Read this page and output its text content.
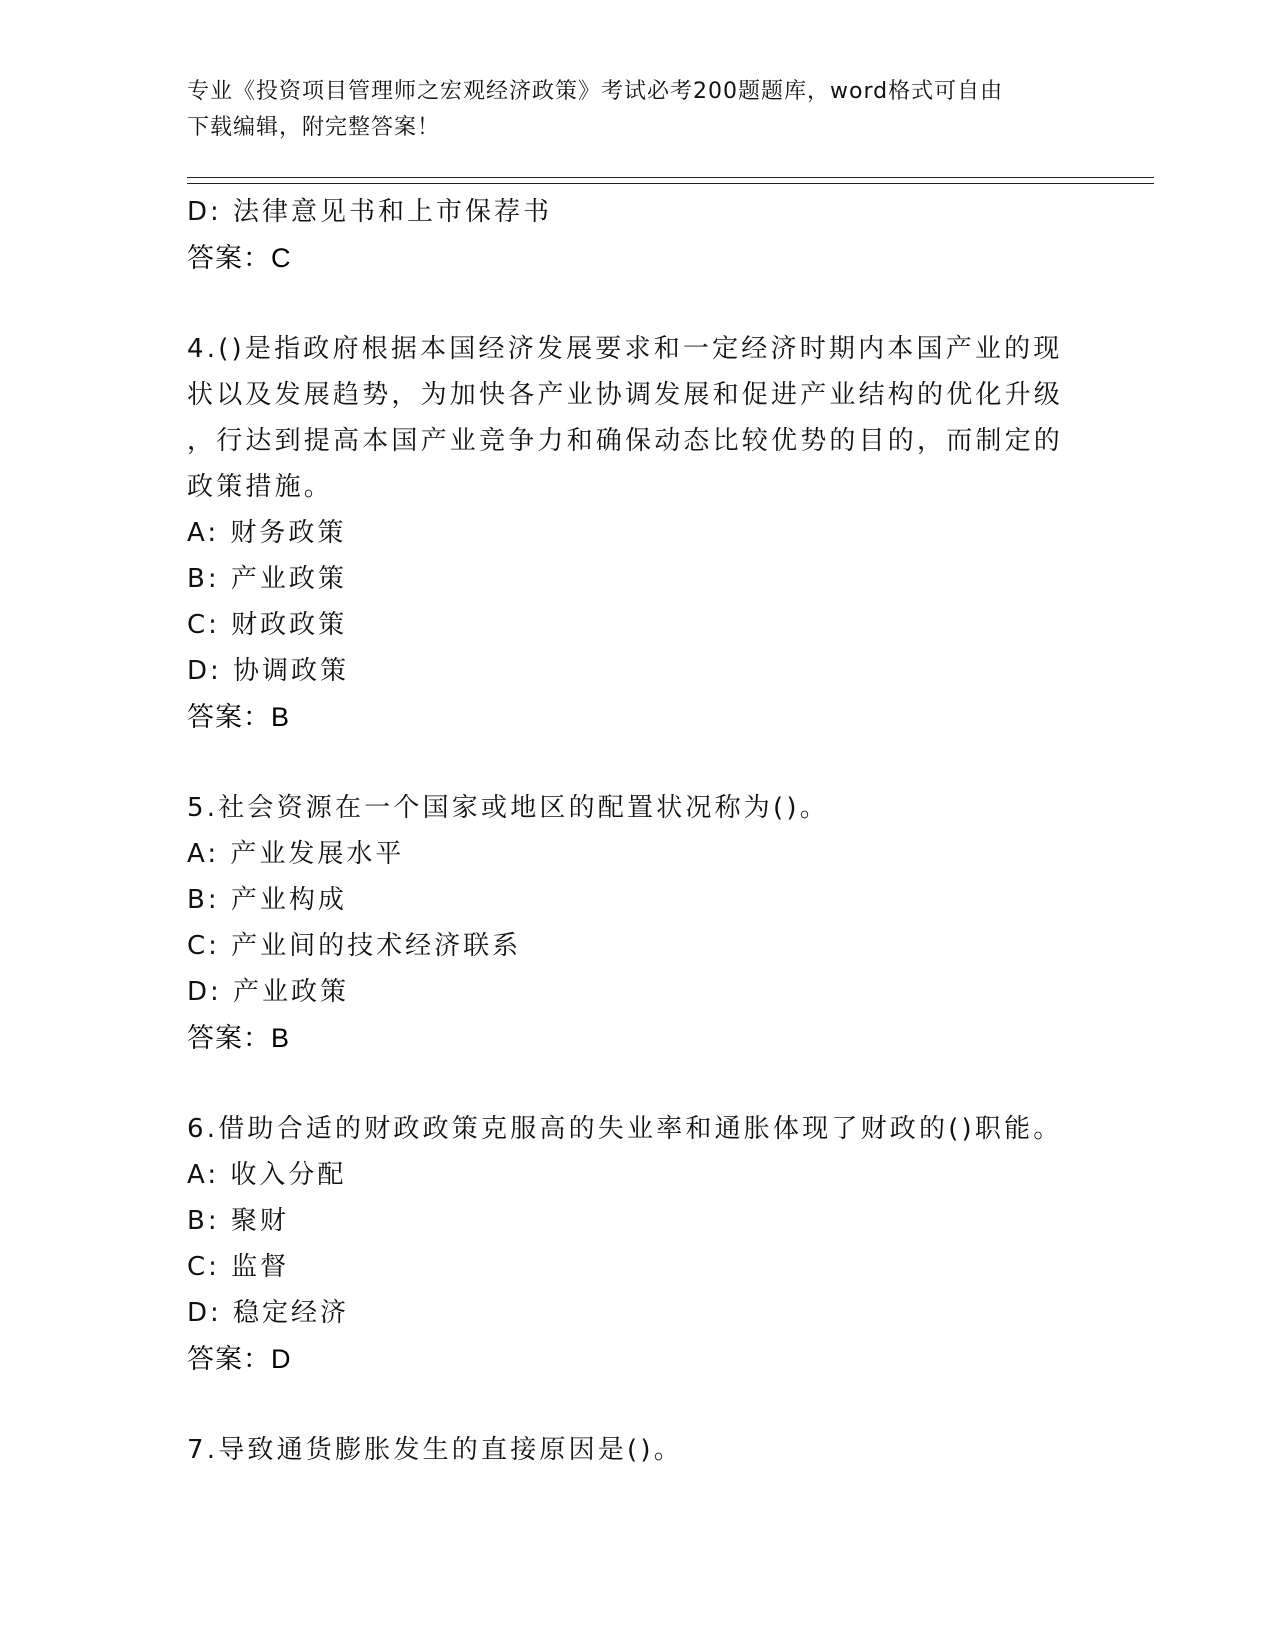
专业《投资项目管理师之宏观经济政策》考试必考200题题库，word格式可自由
下载编辑，附完整答案！

D: 法律意见书和上市保荐书

答案：C

4.()是指政府根据本国经济发展要求和一定经济时期内本国产业的现

状以及发展趋势，为加快各产业协调发展和促进产业结构的优化升级

，行达到提高本国产业竞争力和确保动态比较优势的目的，而制定的

政策措施。

A: 财务政策

B: 产业政策

C: 财政政策

D: 协调政策

答案：B

5.社会资源在一个国家或地区的配置状况称为()。

A: 产业发展水平

B: 产业构成

C: 产业间的技术经济联系

D: 产业政策

答案：B

6.借助合适的财政政策克服高的失业率和通胀体现了财政的()职能。

A: 收入分配

B: 聚财

C: 监督

D: 稳定经济

答案：D

7.导致通货膨胀发生的直接原因是()。
